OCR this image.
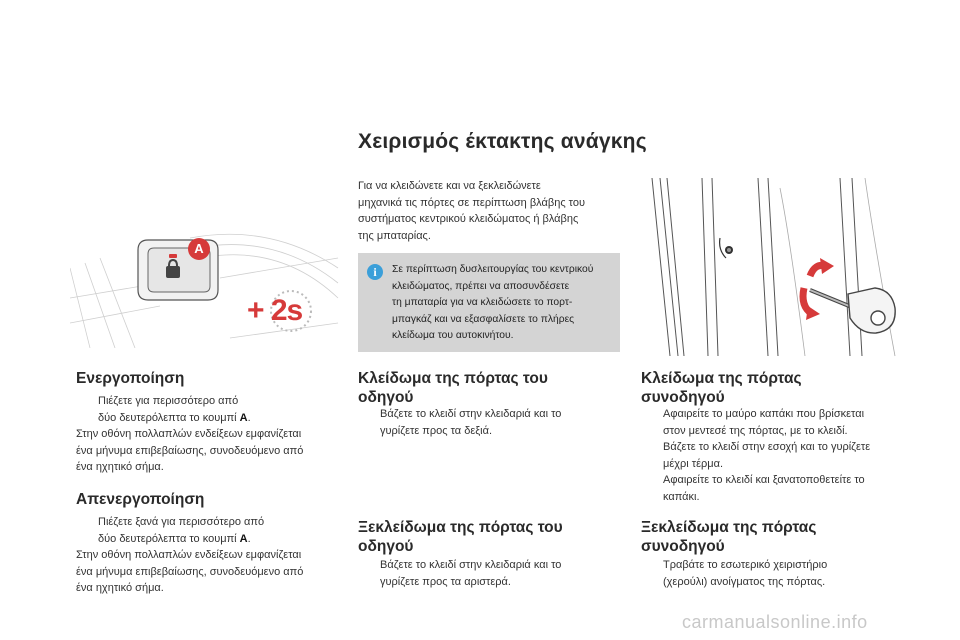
Χειρισμός έκτακτης ανάγκης
A
+ 2s
Για να κλειδώνετε και να ξεκλειδώνετε
μηχανικά τις πόρτες σε περίπτωση βλάβης του
συστήματος κεντρικού κλειδώματος ή βλάβης
της μπαταρίας.
i	Σε περίπτωση δυσλειτουργίας του κεντρικού
κλειδώματος, πρέπει να αποσυνδέσετε
τη μπαταρία για να κλειδώσετε το πορτ-
μπαγκάζ και να εξασφαλίσετε το πλήρες
κλείδωμα του αυτοκινήτου.
Ενεργοποίηση
Πιέζετε για περισσότερο από
δύο δευτερόλεπτα το κουμπί A.
Στην οθόνη πολλαπλών ενδείξεων εμφανίζεται
ένα μήνυμα επιβεβαίωσης, συνοδευόμενο από
ένα ηχητικό σήμα.
Απενεργοποίηση
Πιέζετε ξανά για περισσότερο από
δύο δευτερόλεπτα το κουμπί A.
Στην οθόνη πολλαπλών ενδείξεων εμφανίζεται
ένα μήνυμα επιβεβαίωσης, συνοδευόμενο από
ένα ηχητικό σήμα.
Κλείδωμα της πόρτας του
οδηγού
Βάζετε το κλειδί στην κλειδαριά και το
γυρίζετε προς τα δεξιά.
Ξεκλείδωμα της πόρτας του
οδηγού
Βάζετε το κλειδί στην κλειδαριά και το
γυρίζετε προς τα αριστερά.
Κλείδωμα της πόρτας
συνοδηγού
Αφαιρείτε το μαύρο καπάκι που βρίσκεται
στον μεντεσέ της πόρτας, με το κλειδί.
Βάζετε το κλειδί στην εσοχή και το γυρίζετε
μέχρι τέρμα.
Αφαιρείτε το κλειδί και ξανατοποθετείτε το
καπάκι.
Ξεκλείδωμα της πόρτας
συνοδηγού
Τραβάτε το εσωτερικό χειριστήριο
(χερούλι) ανοίγματος της πόρτας.
carmanualsonline.info
